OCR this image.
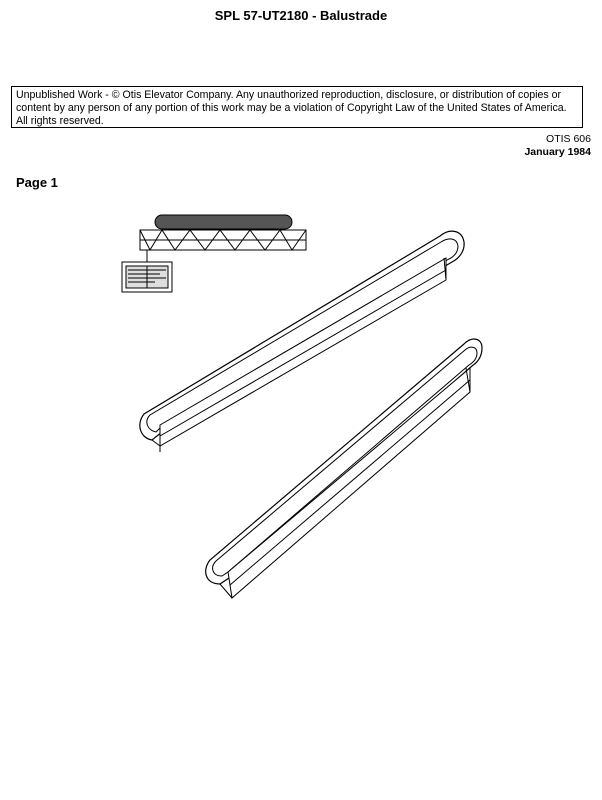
SPL 57-UT2180 - Balustrade
Unpublished Work - © Otis Elevator Company. Any unauthorized reproduction, disclosure, or distribution of copies or content by any person of any portion of this work may be a violation of Copyright Law of the United States of America. All rights reserved.
OTIS 606
January 1984
Page 1
